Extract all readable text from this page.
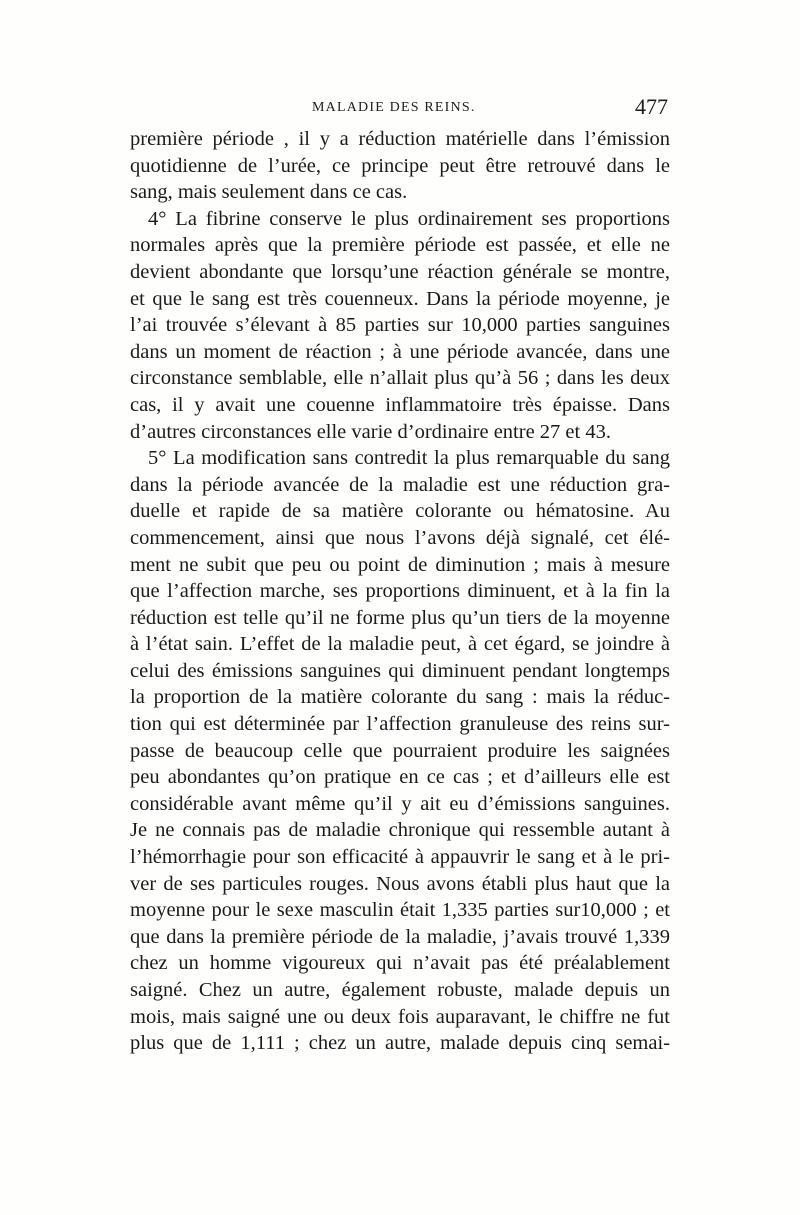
MALADIE DES REINS.	477
première période , il y a réduction matérielle dans l’émission
quotidienne de l’urée, ce principe peut être retrouvé dans le
sang, mais seulement dans ce cas.
4° La fibrine conserve le plus ordinairement ses proportions
normales après que la première période est passée, et elle ne
devient abondante que lorsqu’une réaction générale se montre,
et que le sang est très couenneux. Dans la période moyenne, je
l’ai trouvée s’élevant à 85 parties sur 10,000 parties sanguines
dans un moment de réaction ; à une période avancée, dans une
circonstance semblable, elle n’allait plus qu’à 56 ; dans les deux
cas, il y avait une couenne inflammatoire très épaisse. Dans
d’autres circonstances elle varie d’ordinaire entre 27 et 43.
5° La modification sans contredit la plus remarquable du sang
dans la période avancée de la maladie est une réduction gra-
duelle et rapide de sa matière colorante ou hématosine. Au
commencement, ainsi que nous l’avons déjà signalé, cet élé-
ment ne subit que peu ou point de diminution ; mais à mesure
que l’affection marche, ses proportions diminuent, et à la fin la
réduction est telle qu’il ne forme plus qu’un tiers de la moyenne
à l’état sain. L’effet de la maladie peut, à cet égard, se joindre à
celui des émissions sanguines qui diminuent pendant longtemps
la proportion de la matière colorante du sang : mais la réduc-
tion qui est déterminée par l’affection granuleuse des reins sur-
passe de beaucoup celle que pourraient produire les saignées
peu abondantes qu’on pratique en ce cas ; et d’ailleurs elle est
considérable avant même qu’il y ait eu d’émissions sanguines.
Je ne connais pas de maladie chronique qui ressemble autant à
l’hémorrhagie pour son efficacité à appauvrir le sang et à le pri-
ver de ses particules rouges. Nous avons établi plus haut que la
moyenne pour le sexe masculin était 1,335 parties sur10,000 ; et
que dans la première période de la maladie, j’avais trouvé 1,339
chez un homme vigoureux qui n’avait pas été préalablement
saigné. Chez un autre, également robuste, malade depuis un
mois, mais saigné une ou deux fois auparavant, le chiffre ne fut
plus que de 1,111 ; chez un autre, malade depuis cinq semai-
